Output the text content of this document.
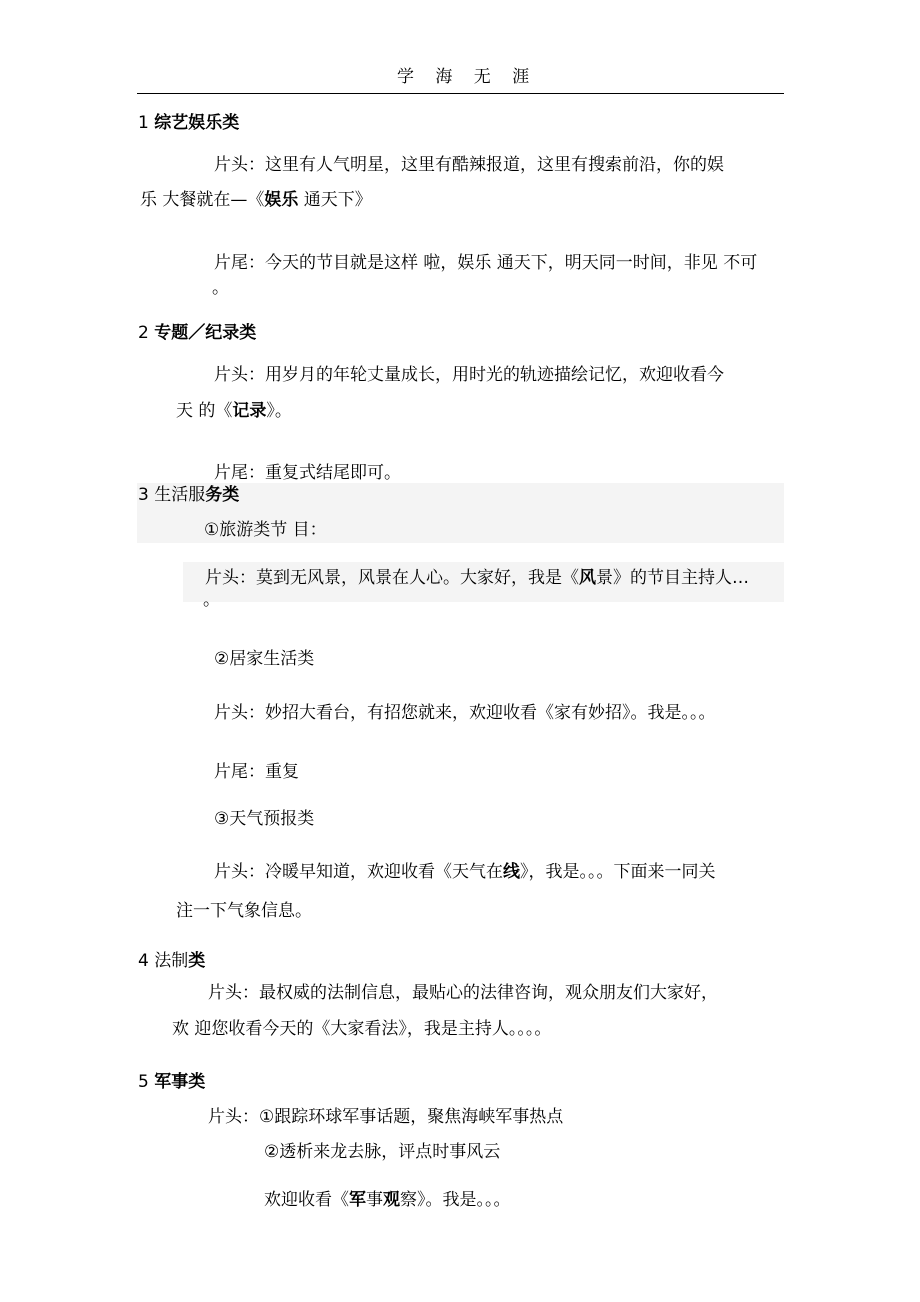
学 海 无 涯
1 综艺娱乐类
片头：这里有人气明星，这里有酷辣报道，这里有搜索前沿，你的娱
乐 大餐就在—《娱乐 通天下》
片尾：今天的节目就是这样 啦，娱乐 通天下，明天同一时间，非见 不可
。
2 专题／纪录类
片头：用岁月的年轮丈量成长，用时光的轨迹描绘记忆，欢迎收看今
天 的《记录》。
片尾：重复式结尾即可。
3 生活服务类
①旅游类节 目：
片头：莫到无风景，风景在人心。大家好，我是《风景》的节目主持人…
。
②居家生活类
片头：妙招大看台，有招您就来，欢迎收看《家有妙招》。我是。。。
片尾：重复
③天气预报类
片头：冷暖早知道，欢迎收看《天气在线》，我是。。。下面来一同关
注一下气象信息。
4 法制类
片头：最权威的法制信息，最贴心的法律咨询，观众朋友们大家好，
欢 迎您收看今天的《大家看法》，我是主持人。。。。
5 军事类
片头：①跟踪环球军事话题，聚焦海峡军事热点
②透析来龙去脉，评点时事风云
欢迎收看《军事观察》。我是。。。
